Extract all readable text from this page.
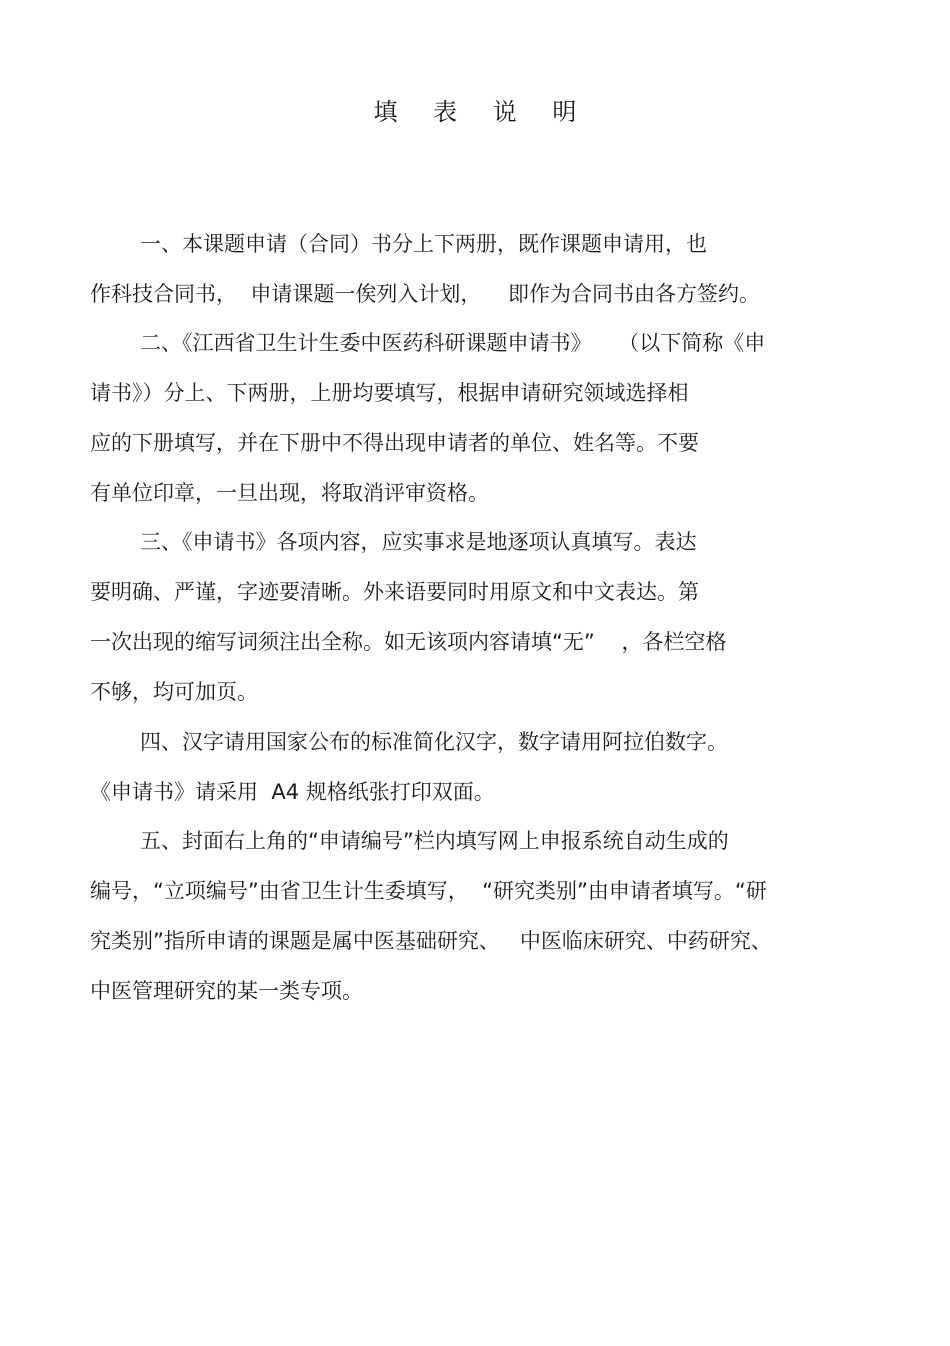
填 表 说 明
一、本课题申请（合同）书分上下两册，既作课题申请用，也
作科技合同书，  申请课题一俟列入计划，    即作为合同书由各方签约。
二、《江西省卫生计生委中医药科研课题申请书》    （以下简称《申
请书》）分上、下两册，上册均要填写，根据申请研究领域选择相
应的下册填写，并在下册中不得出现申请者的单位、姓名等。不要
有单位印章，一旦出现，将取消评审资格。
三、《申请书》各项内容，应实事求是地逐项认真填写。表达
要明确、严谨，字迹要清晰。外来语要同时用原文和中文表达。第
一次出现的缩写词须注出全称。如无该项内容请填“无”    ，各栏空格
不够，均可加页。
四、汉字请用国家公布的标准简化汉字，数字请用阿拉伯数字。
《申请书》请采用  A4 规格纸张打印双面。
五、封面右上角的“申请编号”栏内填写网上申报系统自动生成的
编号，“立项编号”由省卫生计生委填写，  “研究类别”由申请者填写。“研
究类别”指所申请的课题是属中医基础研究、   中医临床研究、中药研究、
中医管理研究的某一类专项。
